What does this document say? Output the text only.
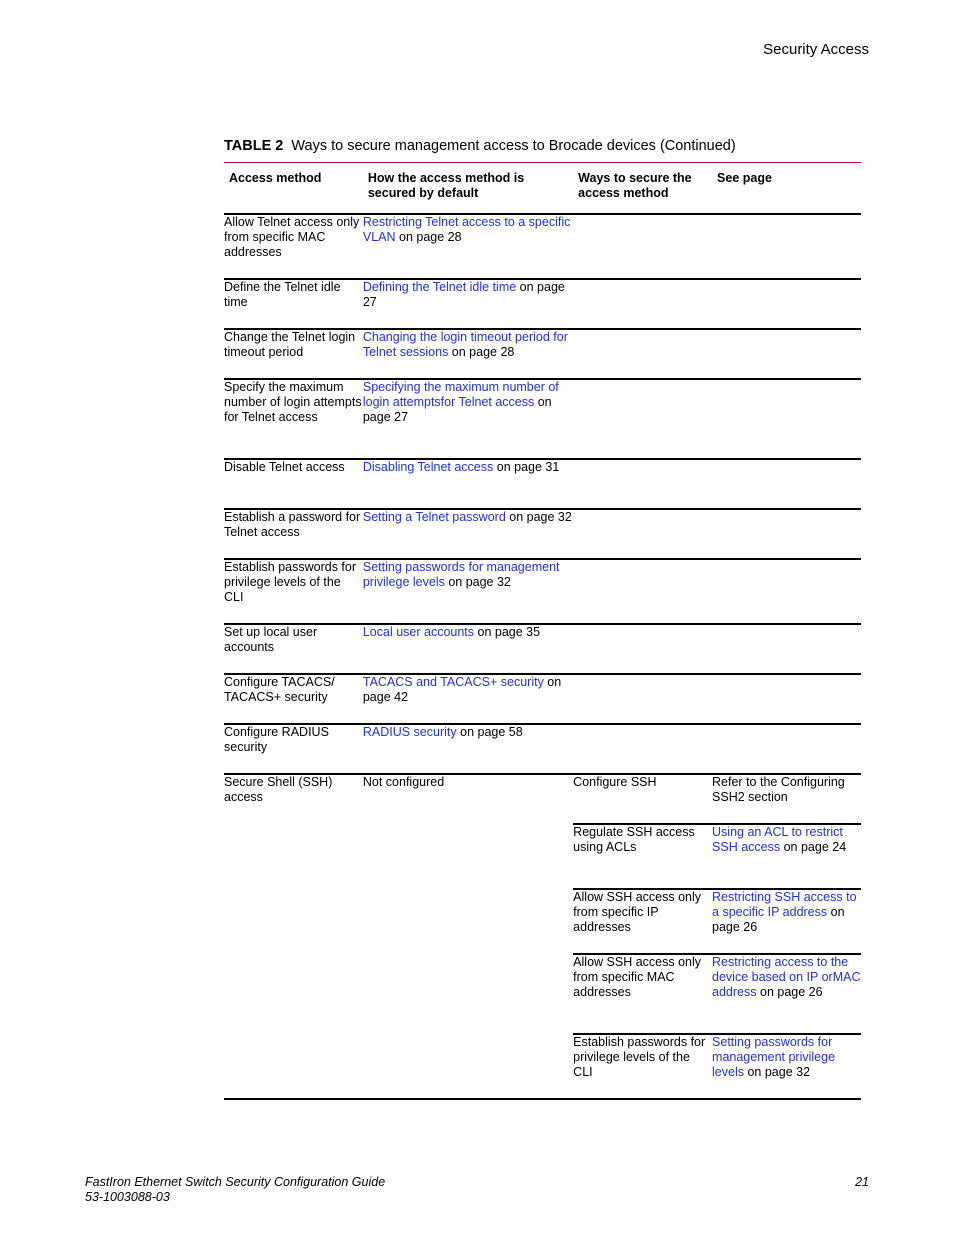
Security Access
TABLE 2 Ways to secure management access to Brocade devices (Continued)
Access method	How the access method is secured by default	Ways to secure the access method	See page
Allow Telnet access only from specific MAC addresses	Restricting Telnet access to a specific VLAN on page 28		
Define the Telnet idle time	Defining the Telnet idle time on page 27		
Change the Telnet login timeout period	Changing the login timeout period for Telnet sessions on page 28		
Specify the maximum number of login attempts for Telnet access	Specifying the maximum number of login attemptsfor Telnet access on page 27		
Disable Telnet access	Disabling Telnet access on page 31		
Establish a password for Telnet access	Setting a Telnet password on page 32		
Establish passwords for privilege levels of the CLI	Setting passwords for management privilege levels on page 32		
Set up local user accounts	Local user accounts on page 35		
Configure TACACS/ TACACS+ security	TACACS and TACACS+ security on page 42		
Configure RADIUS security	RADIUS security on page 58		
Secure Shell (SSH) access	Not configured	Configure SSH	Refer to the Configuring SSH2 section
		Regulate SSH access using ACLs	Using an ACL to restrict SSH access on page 24
		Allow SSH access only from specific IP addresses	Restricting SSH access to a specific IP address on page 26
		Allow SSH access only from specific MAC addresses	Restricting access to the device based on IP orMAC address on page 26
		Establish passwords for privilege levels of the CLI	Setting passwords for management privilege levels on page 32
FastIron Ethernet Switch Security Configuration Guide
53-1003088-03
21
